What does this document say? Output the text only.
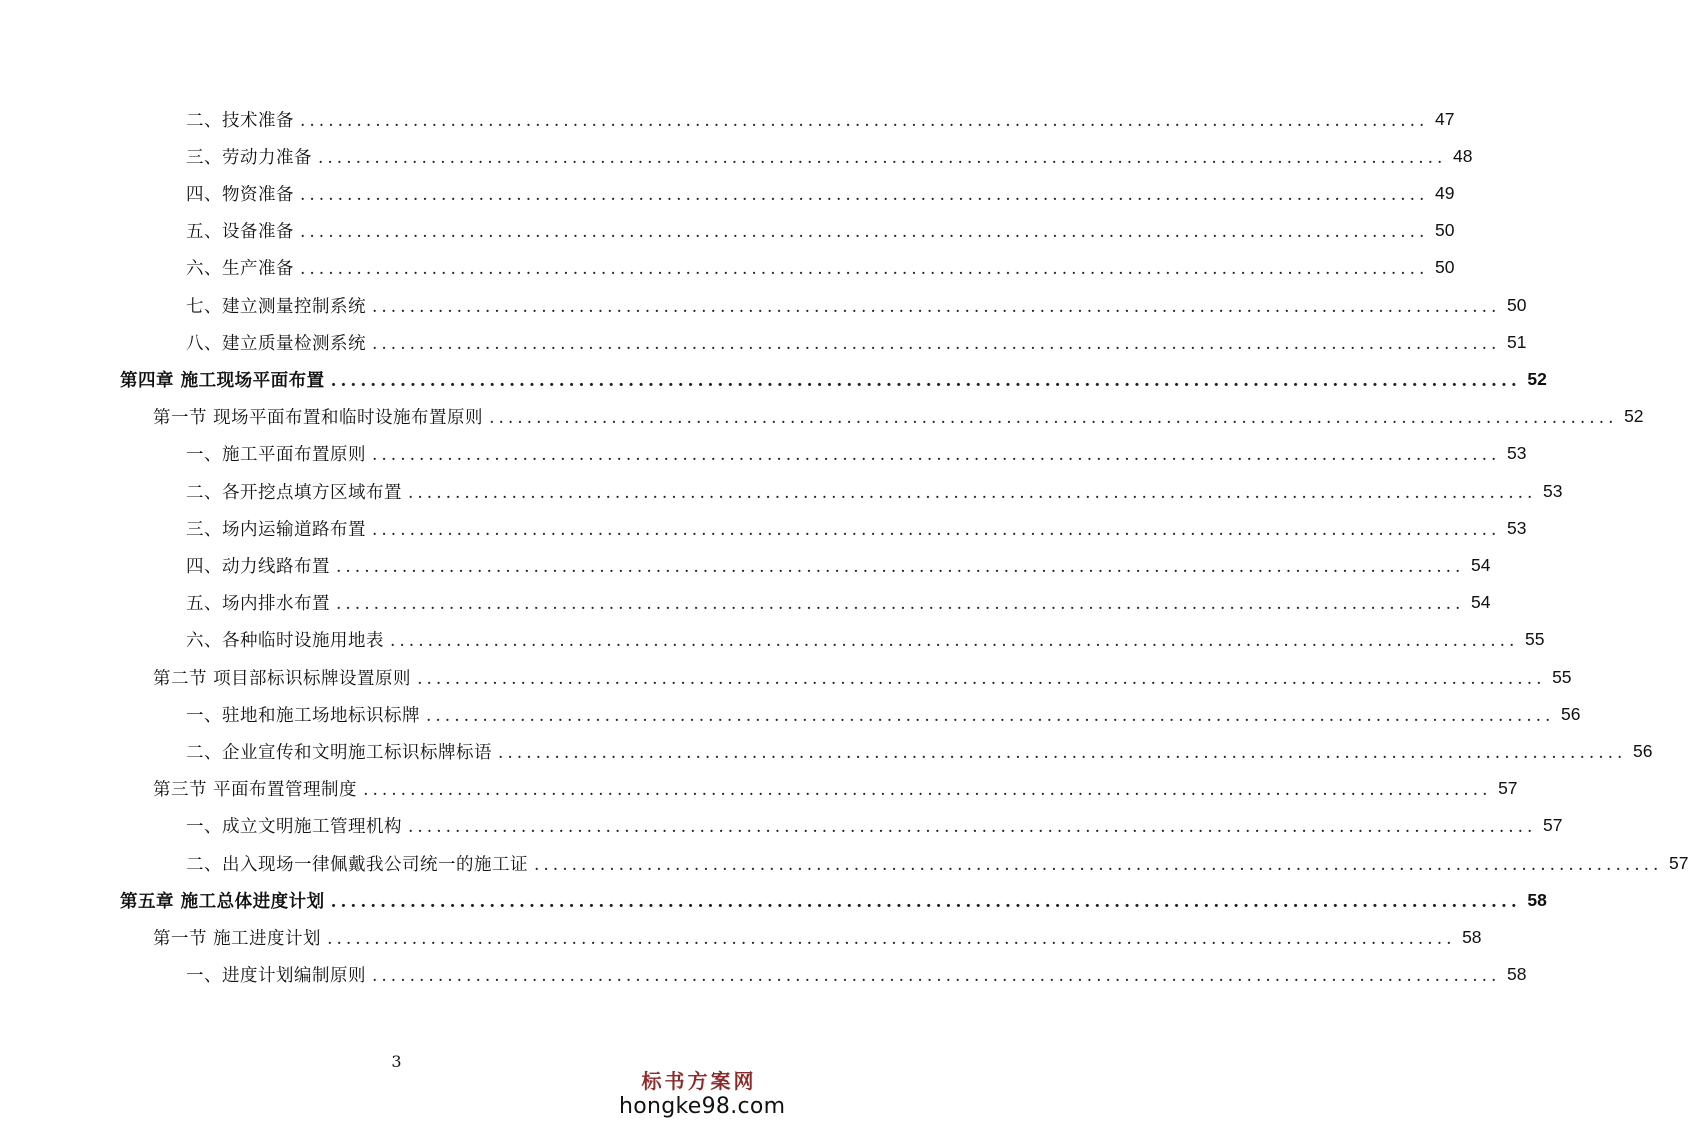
二、技术准备 ........................................................................................................................ 47
三、劳动力准备 ........................................................................................................................ 48
四、物资准备 ........................................................................................................................ 49
五、设备准备 ........................................................................................................................ 50
六、生产准备 ........................................................................................................................ 50
七、建立测量控制系统 ........................................................................................................................ 50
八、建立质量检测系统 ........................................................................................................................ 51
第四章 施工现场平面布置 ........................................................................................................................ 52
第一节 现场平面布置和临时设施布置原则 ........................................................................................................................ 52
一、施工平面布置原则 ........................................................................................................................ 53
二、各开挖点填方区域布置 ........................................................................................................................ 53
三、场内运输道路布置 ........................................................................................................................ 53
四、动力线路布置 ........................................................................................................................ 54
五、场内排水布置 ........................................................................................................................ 54
六、各种临时设施用地表 ........................................................................................................................ 55
第二节 项目部标识标牌设置原则 ........................................................................................................................ 55
一、驻地和施工场地标识标牌 ........................................................................................................................ 56
二、企业宣传和文明施工标识标牌标语 ........................................................................................................................ 56
第三节 平面布置管理制度 ........................................................................................................................ 57
一、成立文明施工管理机构 ........................................................................................................................ 57
二、出入现场一律佩戴我公司统一的施工证 ........................................................................................................................ 57
第五章 施工总体进度计划 ........................................................................................................................ 58
第一节 施工进度计划 ........................................................................................................................ 58
一、进度计划编制原则 ........................................................................................................................ 58
3
标书方案网
hongke98.com
